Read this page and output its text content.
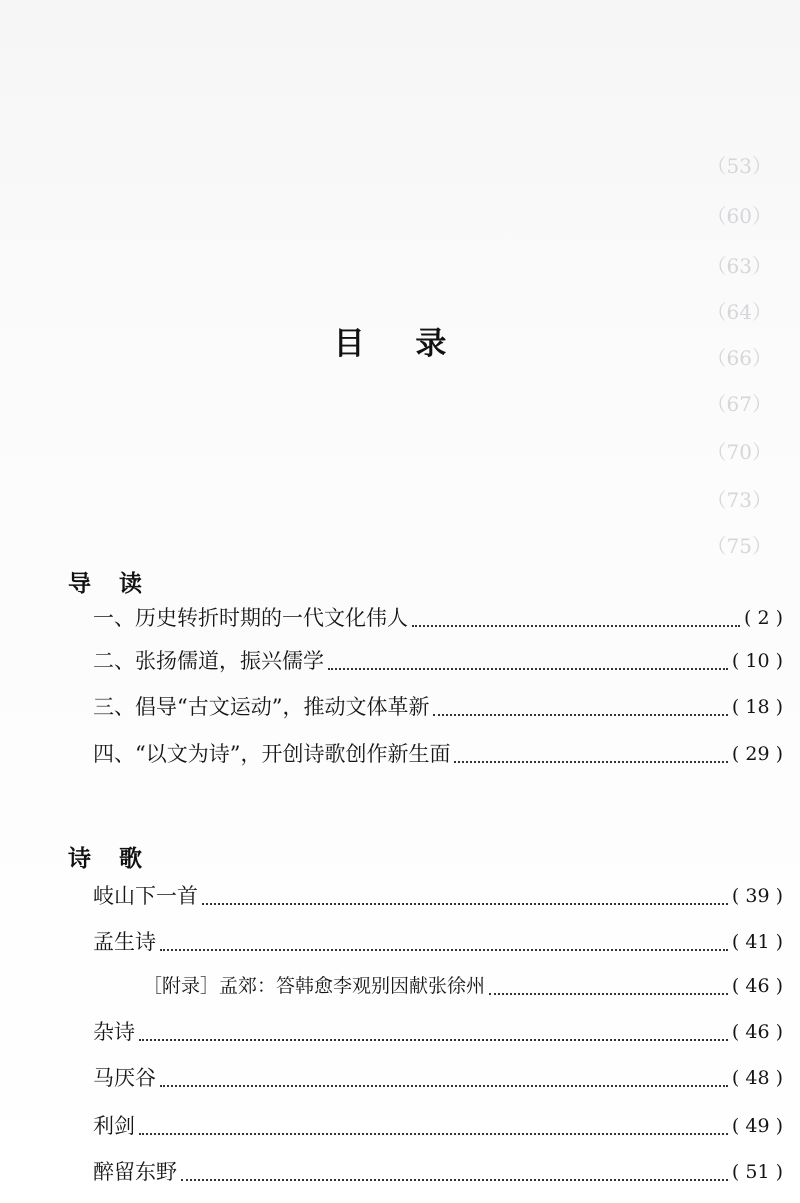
（53）
（60）
（63）
（64）
（66）
（67）
（70）
（73）
（75）
目 录
导 读
一、历史转折时期的一代文化伟人	( 2 )
二、张扬儒道，振兴儒学	( 10 )
三、倡导“古文运动”，推动文体革新	( 18 )
四、“以文为诗”，开创诗歌创作新生面	( 29 )
诗 歌
岐山下一首	( 39 )
孟生诗	( 41 )
［附录］孟郊：答韩愈李观别因献张徐州	( 46 )
杂诗	( 46 )
马厌谷	( 48 )
利剑	( 49 )
醉留东野	( 51 )
